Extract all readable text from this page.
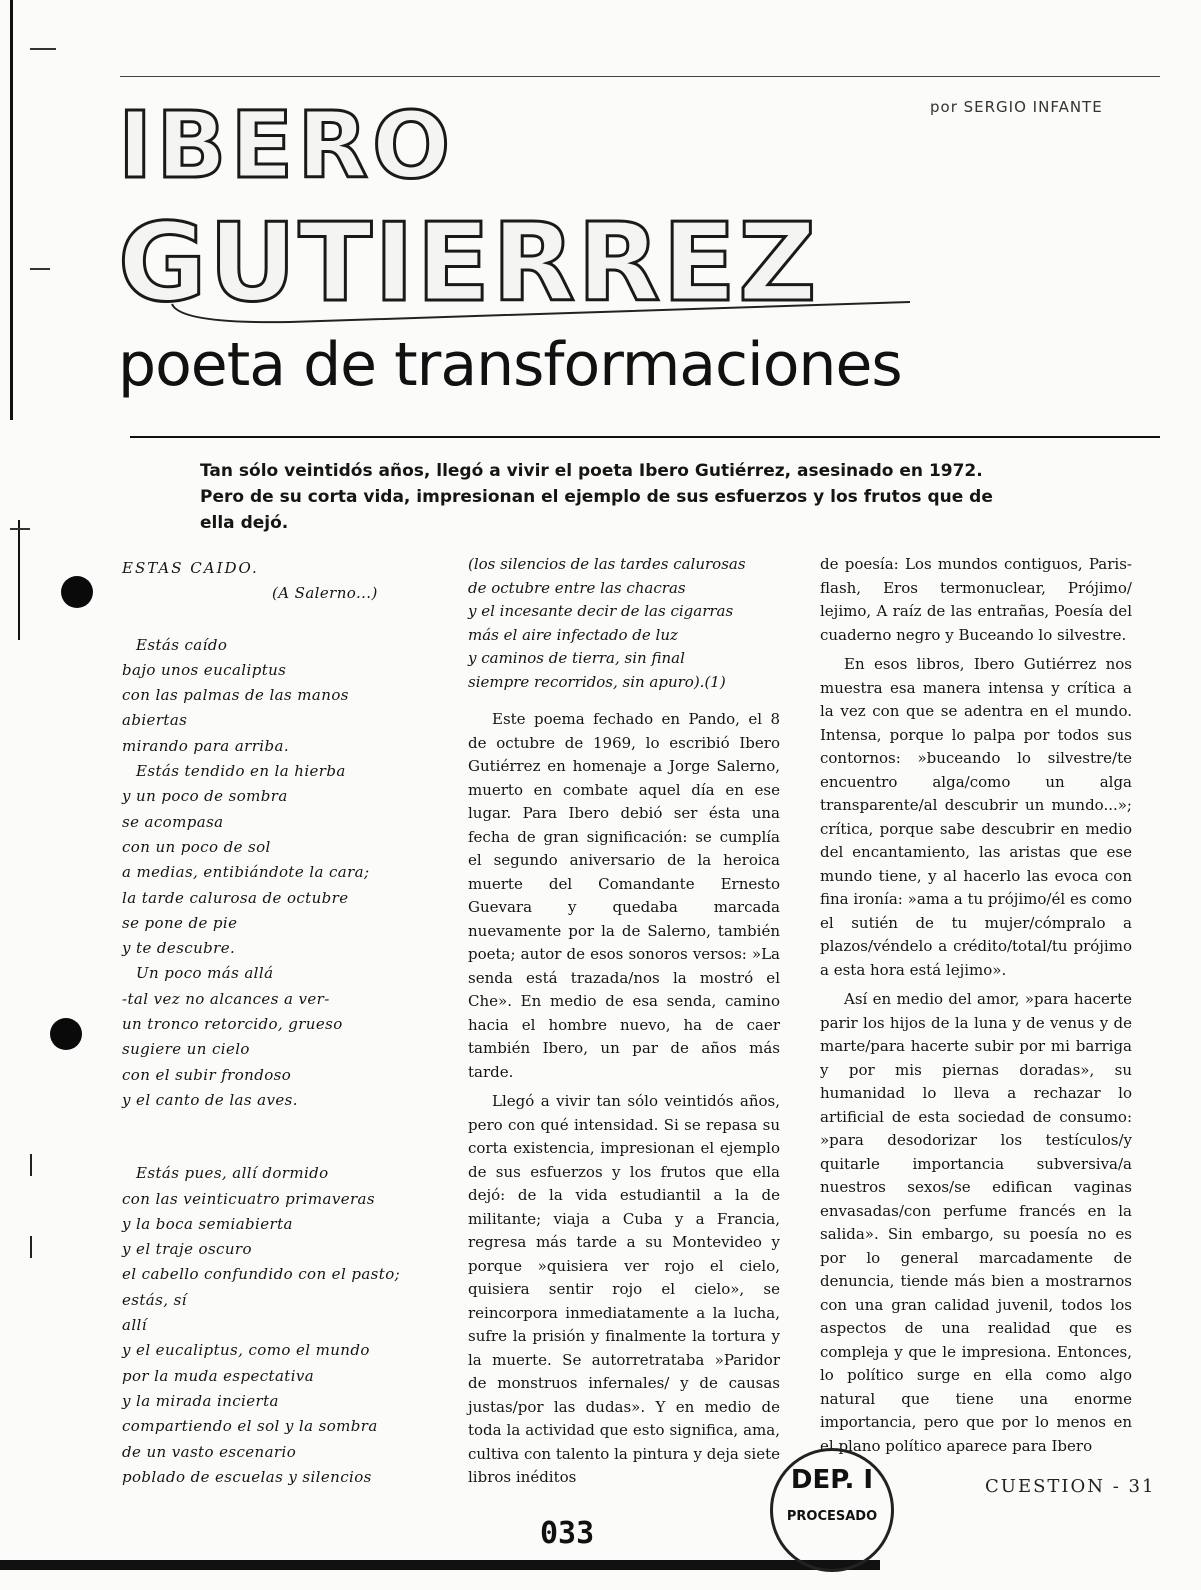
por SERGIO INFANTE
IBERO
GUTIERREZ
poeta de transformaciones
Tan sólo veintidós años, llegó a vivir el poeta Ibero Gutiérrez, asesinado en 1972.
Pero de su corta vida, impresionan el ejemplo de sus esfuerzos y los frutos que de ella dejó.
ESTAS CAIDO.
(A Salerno...)
Estás caído
bajo unos eucaliptus
con las palmas de las manos
abiertas
mirando para arriba.
Estás tendido en la hierba
y un poco de sombra
se acompasa
con un poco de sol
a medias, entibiándote la cara;
la tarde calurosa de octubre
se pone de pie
y te descubre.
Un poco más allá
-tal vez no alcances a ver-
un tronco retorcido, grueso
sugiere un cielo
con el subir frondoso
y el canto de las aves.
Estás pues, allí dormido
con las veinticuatro primaveras
y la boca semiabierta
y el traje oscuro
el cabello confundido con el pasto;
estás, sí
allí
y el eucaliptus, como el mundo
por la muda espectativa
y la mirada incierta
compartiendo el sol y la sombra
de un vasto escenario
poblado de escuelas y silencios
(los silencios de las tardes calurosas
de octubre entre las chacras
y el incesante decir de las cigarras
más el aire infectado de luz
y caminos de tierra, sin final
siempre recorridos, sin apuro).(1)

Este poema fechado en Pando, el 8 de octubre de 1969, lo escribió Ibero Gutiérrez en homenaje a Jorge Salerno, muerto en combate aquel día en ese lugar. Para Ibero debió ser ésta una fecha de gran significación: se cumplía el segundo aniversario de la heroica muerte del Comandante Ernesto Guevara y quedaba marcada nuevamente por la de Salerno, también poeta; autor de esos sonoros versos: »La senda está trazada/nos la mostró el Che». En medio de esa senda, camino hacia el hombre nuevo, ha de caer también Ibero, un par de años más tarde.

Llegó a vivir tan sólo veintidós años, pero con qué intensidad. Si se repasa su corta existencia, impresionan el ejemplo de sus esfuerzos y los frutos que ella dejó: de la vida estudiantil a la de militante; viaja a Cuba y a Francia, regresa más tarde a su Montevideo y porque »quisiera ver rojo el cielo, quisiera sentir rojo el cielo», se reincorpora inmediatamente a la lucha, sufre la prisión y finalmente la tortura y la muerte. Se autorretrataba »Paridor de monstruos infernales/ y de causas justas/por las dudas». Y en medio de toda la actividad que esto significa, ama, cultiva con talento la pintura y deja siete libros inéditos

de poesía: Los mundos contiguos, Paris-flash, Eros termonuclear, Prójimo/ lejimo, A raíz de las entrañas, Poesía del cuaderno negro y Buceando lo silvestre.

En esos libros, Ibero Gutiérrez nos muestra esa manera intensa y crítica a la vez con que se adentra en el mundo. Intensa, porque lo palpa por todos sus contornos: »buceando lo silvestre/te encuentro alga/como un alga transparente/al descubrir un mundo...»; crítica, porque sabe descubrir en medio del encantamiento, las aristas que ese mundo tiene, y al hacerlo las evoca con fina ironía: »ama a tu prójimo/él es como el sutién de tu mujer/cómpralo a plazos/véndelo a crédito/total/tu prójimo a esta hora está lejimo».

Así en medio del amor, »para hacerte parir los hijos de la luna y de venus y de marte/para hacerte subir por mi barriga y por mis piernas doradas», su humanidad lo lleva a rechazar lo artificial de esta sociedad de consumo: »para desodorizar los testículos/y quitarle importancia subversiva/a nuestros sexos/se edifican vaginas envasadas/con perfume francés en la salida». Sin embargo, su poesía no es por lo general marcadamente de denuncia, tiende más bien a mostrarnos con una gran calidad juvenil, todos los aspectos de una realidad que es compleja y que le impresiona. Entonces, lo político surge en ella como algo natural que tiene una enorme importancia, pero que por lo menos en el plano político aparece para Ibero

CUESTION - 31
033
DEP. I
PROCESADO
